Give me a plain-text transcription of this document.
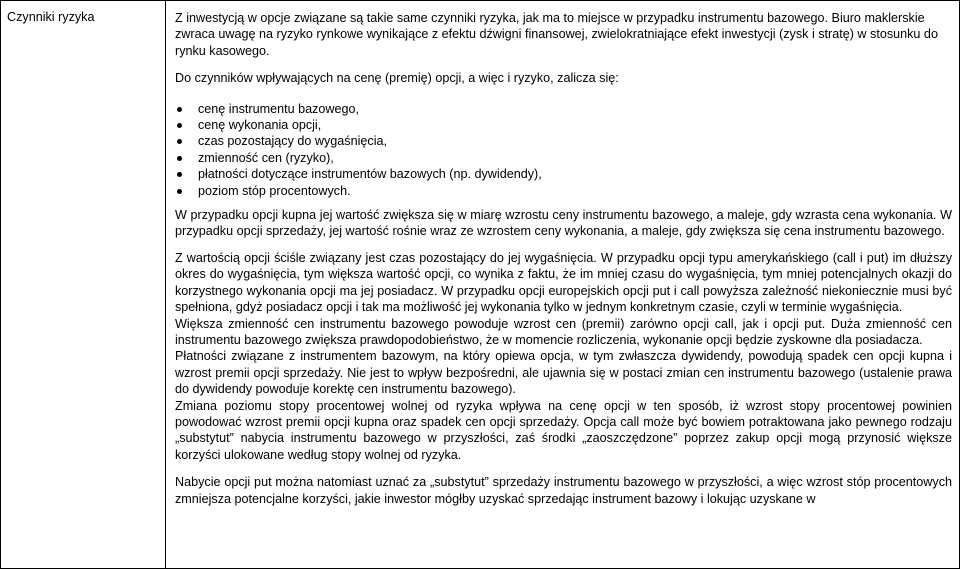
Czynniki ryzyka	Z inwestycją w opcje związane są takie same czynniki ryzyka, jak ma to miejsce w przypadku instrumentu bazowego. Biuro maklerskie zwraca uwagę na ryzyko rynkowe wynikające z efektu dźwigni finansowej, zwielokratniające efekt inwestycji (zysk i stratę) w stosunku do rynku kasowego.

Do czynników wpływających na cenę (premię) opcji, a więc i ryzyko, zalicza się:

cenę instrumentu bazowego,
cenę wykonania opcji,
czas pozostający do wygaśnięcia,
zmienność cen (ryzyko),
płatności dotyczące instrumentów bazowych (np. dywidendy),
poziom stóp procentowych.

W przypadku opcji kupna jej wartość zwiększa się w miarę wzrostu ceny instrumentu bazowego, a maleje, gdy wzrasta cena wykonania. W przypadku opcji sprzedaży, jej wartość rośnie wraz ze wzrostem ceny wykonania, a maleje, gdy zwiększa się cena instrumentu bazowego.

Z wartością opcji ściśle związany jest czas pozostający do jej wygaśnięcia. W przypadku opcji typu amerykańskiego (call i put) im dłuższy okres do wygaśnięcia, tym większa wartość opcji, co wynika z faktu, że im mniej czasu do wygaśnięcia, tym mniej potencjalnych okazji do korzystnego wykonania opcji ma jej posiadacz. W przypadku opcji europejskich opcji put i call powyższa zależność niekoniecznie musi być spełniona, gdyż posiadacz opcji i tak ma możliwość jej wykonania tylko w jednym konkretnym czasie, czyli w terminie wygaśnięcia.

Większa zmienność cen instrumentu bazowego powoduje wzrost cen (premii) zarówno opcji call, jak i opcji put. Duża zmienność cen instrumentu bazowego zwiększa prawdopodobieństwo, że w momencie rozliczenia, wykonanie opcji będzie zyskowne dla posiadacza.

Płatności związane z instrumentem bazowym, na który opiewa opcja, w tym zwłaszcza dywidendy, powodują spadek cen opcji kupna i wzrost premii opcji sprzedaży. Nie jest to wpływ bezpośredni, ale ujawnia się w postaci zmian cen instrumentu bazowego (ustalenie prawa do dywidendy powoduje korektę cen instrumentu bazowego).

Zmiana poziomu stopy procentowej wolnej od ryzyka wpływa na cenę opcji w ten sposób, iż wzrost stopy procentowej powinien powodować wzrost premii opcji kupna oraz spadek cen opcji sprzedaży. Opcja call może być bowiem potraktowana jako pewnego rodzaju „substytut” nabycia instrumentu bazowego w przyszłości, zaś środki „zaoszczędzone” poprzez zakup opcji mogą przynosić większe korzyści ulokowane według stopy wolnej od ryzyka.

Nabycie opcji put można natomiast uznać za „substytut” sprzedaży instrumentu bazowego w przyszłości, a więc wzrost stóp procentowych zmniejsza potencjalne korzyści, jakie inwestor mógłby uzyskać sprzedając instrument bazowy i lokując uzyskane w
